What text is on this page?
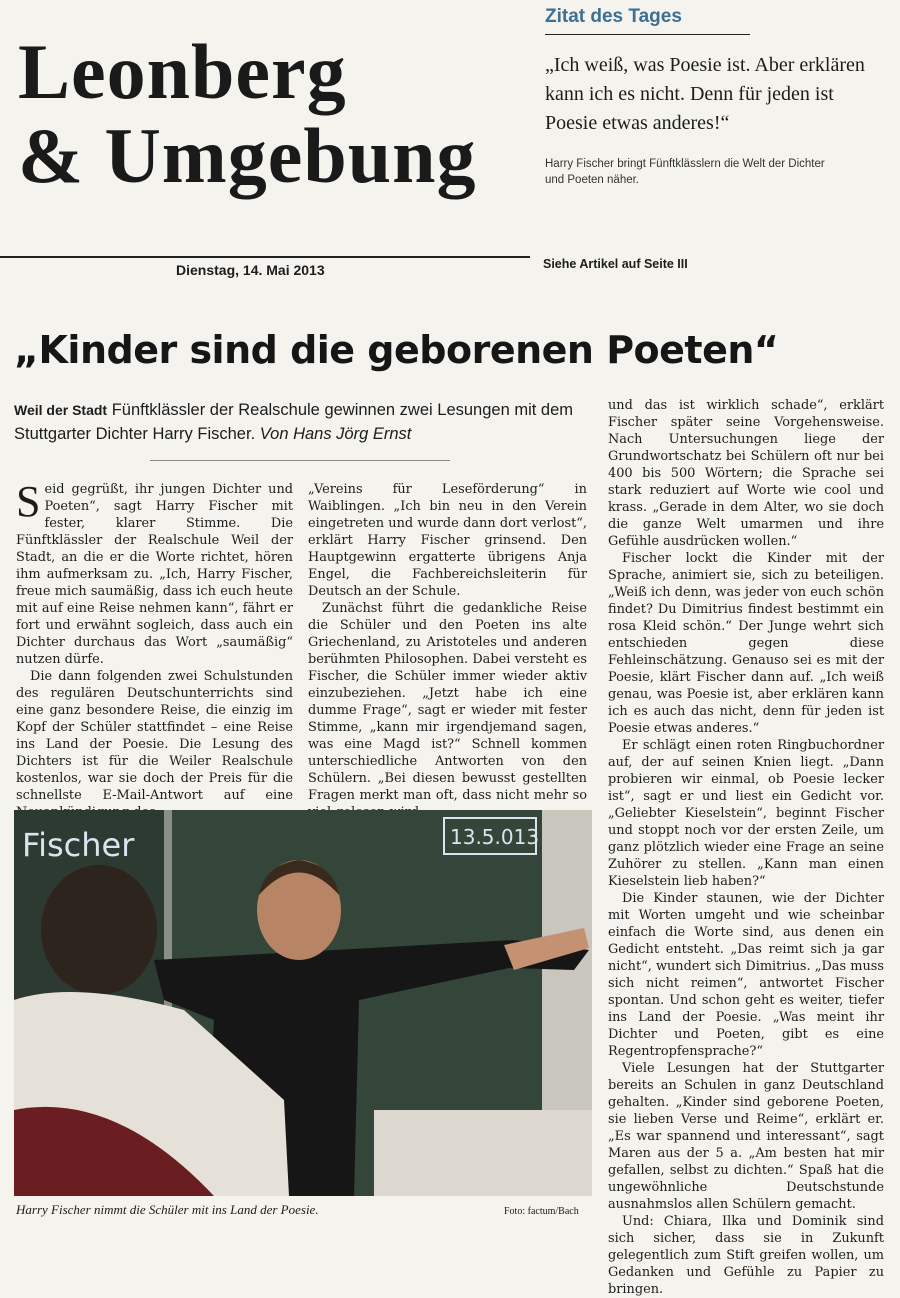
Leonberg
& Umgebung
Dienstag, 14. Mai 2013
Zitat des Tages
„Ich weiß, was Poesie ist. Aber erklären kann ich es nicht. Denn für jeden ist Poesie etwas anderes!“
Harry Fischer bringt Fünftklässlern die Welt der Dichter und Poeten näher.
Siehe Artikel auf Seite III
„Kinder sind die geborenen Poeten“
Weil der Stadt Fünftklässler der Realschule gewinnen zwei Lesungen mit dem Stuttgarter Dichter Harry Fischer. Von Hans Jörg Ernst

Seid gegrüßt, ihr jungen Dichter und Poeten“, sagt Harry Fischer mit fester, klarer Stimme. Die Fünftklässler der Realschule Weil der Stadt, an die er die Worte richtet, hören ihm aufmerksam zu. „Ich, Harry Fischer, freue mich saumäßig, dass ich euch heute mit auf eine Reise nehmen kann“, fährt er fort und erwähnt sogleich, dass auch ein Dichter durchaus das Wort „saumäßig“ nutzen dürfe.

Die dann folgenden zwei Schulstunden des regulären Deutschunterrichts sind eine ganz besondere Reise, die einzig im Kopf der Schüler stattfindet – eine Reise ins Land der Poesie. Die Lesung des Dichters ist für die Weiler Realschule kostenlos, war sie doch der Preis für die schnellste E-Mail-Antwort auf eine

„Vereins für Leseförderung“ in Waiblingen. „Ich bin neu in den Verein eingetreten und wurde dann dort verlost“, erklärt Harry Fischer grinsend. Den Hauptgewinn ergatterte übrigens Anja Engel, die Fachbereichsleiterin für Deutsch an der Schule.

Zunächst führt die gedankliche Reise die Schüler und den Poeten ins alte Griechenland, zu Aristoteles und anderen berühmten Philosophen. Dabei versteht es Fischer, die Schüler immer wieder aktiv einzubeziehen. „Jetzt habe ich eine dumme Frage“, sagt er wieder mit fester Stimme, „kann mir irgendjemand sagen, was eine Magd ist?“ Schnell kommen unterschiedliche Antworten von den Schülern. „Bei diesen bewusst gestellten Fragen merkt man oft, dass nicht mehr so

und das ist wirklich schade“, erklärt Fischer später seine Vorgehensweise. Nach Untersuchungen liege der Grundwortschatz bei Schülern oft nur bei 400 bis 500 Wörtern; die Sprache sei stark reduziert auf Worte wie cool und krass. „Gerade in dem Alter, wo sie doch die ganze Welt umarmen und ihre Gefühle ausdrücken wollen.“

Fischer lockt die Kinder mit der Sprache, animiert sie, sich zu beteiligen. „Weiß ich denn, was jeder von euch schön findet? Du Dimitrius findest bestimmt ein rosa Kleid schön.“ Der Junge wehrt sich entschieden gegen diese Fehleinschätzung. Genauso sei es mit der Poesie, klärt Fischer dann auf. „Ich weiß genau, was Poesie ist, aber erklären kann ich es auch das nicht, denn für jeden ist Poesie etwas anderes.“

Er schlägt einen roten Ringbuchordner auf, der auf seinen Knien liegt. „Dann probieren wir einmal, ob Poesie lecker ist“, sagt er und liest ein Gedicht vor. „Geliebter Kieselstein“, beginnt Fischer und stoppt noch vor der ersten Zeile, um ganz plötzlich wieder eine Frage an seine Zuhörer zu stellen. „Kann man einen Kieselstein lieb haben?“

Die Kinder staunen, wie der Dichter mit Worten umgeht und wie scheinbar einfach die Worte sind, aus denen ein Gedicht entsteht. „Das reimt sich ja gar nicht“, wundert sich Dimitrius. „Das muss sich nicht reimen“, antwortet Fischer spontan. Und schon geht es weiter, tiefer ins Land der Poesie. „Was meint ihr Dichter und Poeten, gibt es eine Regentropfensprache?“

Viele Lesungen hat der Stuttgarter bereits an Schulen in ganz Deutschland gehalten. „Kinder sind geborene Poeten, sie lieben Verse und Reime“, erklärt er. „Es war spannend und interessant“, sagt Maren aus der 5 a. „Am besten hat mir gefallen, selbst zu dichten.“ Spaß hat die ungewöhnliche Deutschstunde ausnahmslos allen Schülern gemacht.

Und: Chiara, Ilka und Dominik sind sich sicher, dass sie in Zukunft gelegentlich zum Stift greifen wollen, um Gedanken und Gefühle zu Papier zu bringen.

Fischer	13.5.013
Harry Fischer nimmt die Schüler mit ins Land der Poesie.	Foto: factum/Bach
